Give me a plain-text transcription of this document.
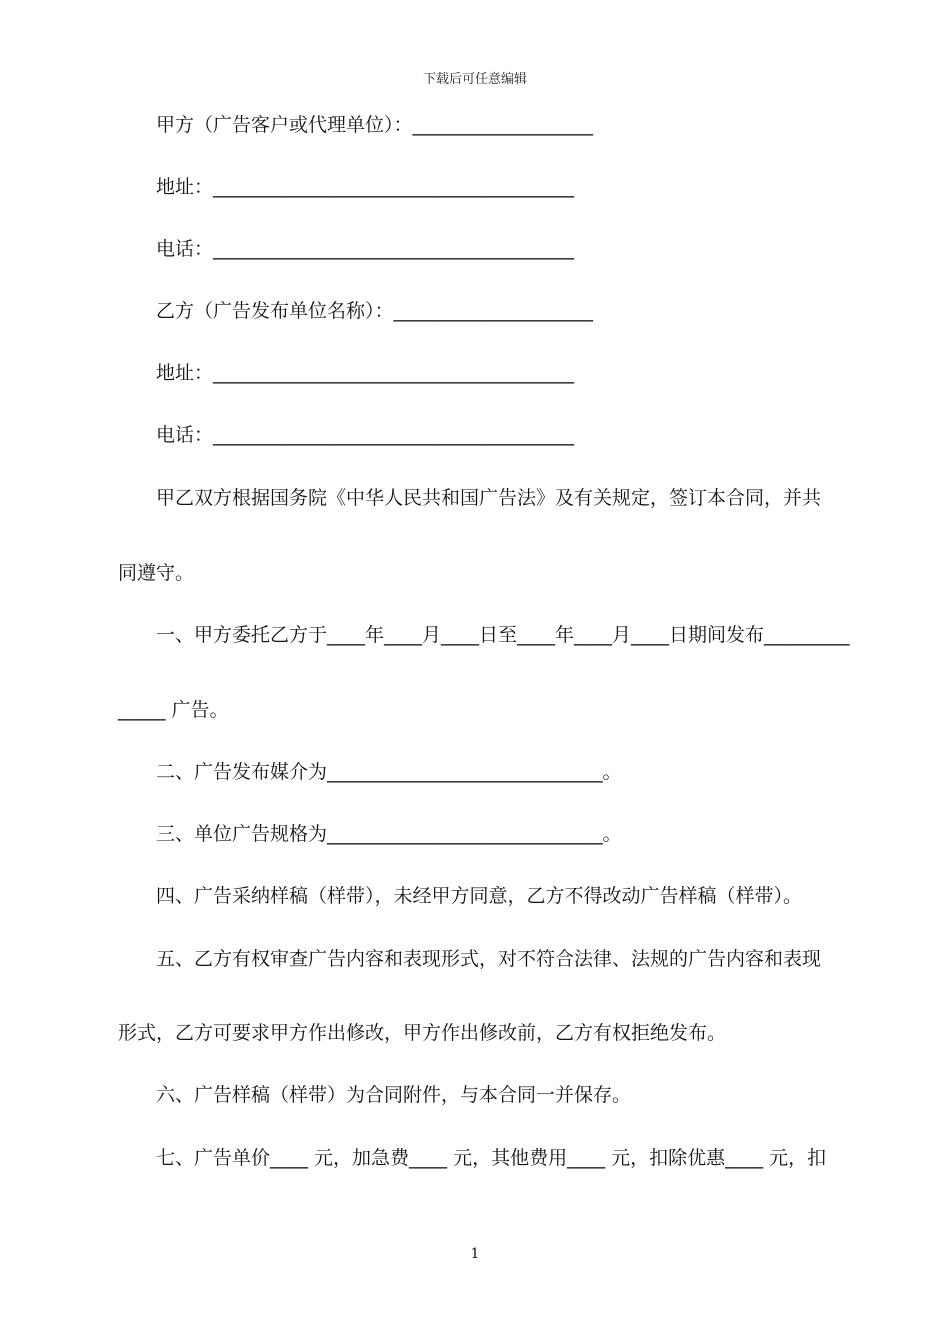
下载后可任意编辑
甲方（广告客户或代理单位）：___________________
地址：______________________________________
电话：______________________________________
乙方（广告发布单位名称）：_____________________
地址：______________________________________
电话：______________________________________
甲乙双方根据国务院《中华人民共和国广告法》及有关规定，签订本合同，并共
同遵守。
一、甲方委托乙方于____年____月____日至____年____月____日期间发布_________
_____ 广告。
二、广告发布媒介为_____________________________。
三、单位广告规格为_____________________________。
四、广告采纳样稿（样带），未经甲方同意，乙方不得改动广告样稿（样带）。
五、乙方有权审查广告内容和表现形式，对不符合法律、法规的广告内容和表现
形式，乙方可要求甲方作出修改，甲方作出修改前，乙方有权拒绝发布。
六、广告样稿（样带）为合同附件，与本合同一并保存。
七、广告单价____ 元，加急费____ 元，其他费用____ 元，扣除优惠____ 元，扣
1
